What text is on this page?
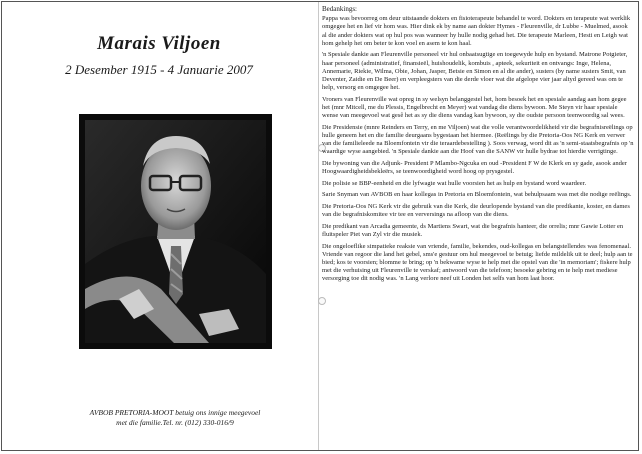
Marais Viljoen
2 Desember 1915 - 4 Januarie 2007
AVBOB PRETORIA-MOOT betuig ons innige meegevoel
met die familie.Tel. nr. (012) 330-016/9
Bedankings:

Pappa was bevoorreg om deur uitstaande dokters en fisioterapeute behandel te word. Dokters en terapeute wat werklik omgegee het en lief vir hom was. Hier dink ek by name aan dokter Hymes - Fleurenville, dr Lubbe - Muelmed, asook al die ander dokters wat op hul pos was wanneer hy hulle nodig gehad het. Die terapeute Marleen, Hesti en Leigh wat hom gehelp het om beter te kon voel en asem te kon haal.

'n Spesiale dankie aan Fleurenville personeel vir hul onbaatsugtige en toegewyde hulp en bystand. Matrone Potgieter, haar personeel (administratief, finansieël, huishoudelik, kombuis , apteek, sekuriteit en ontvangs: Inge, Helena, Annemarie, Riekie, Wilma, Obie, Johan, Jasper, Betsie en Simon en al die ander), susters (by name susters Smit, van Deventer, Zaidie en De Beer) en verpleegsters van die derde vloer wat die afgelope vier jaar altyd gereed was om te help, versorg en omgegee het.

Vroners van Fleurenville wat opreg in sy welsyn belanggestel het, hom besoek het en spesiale aandag aan hom gegee het (mnr Mitcell, me du Plessis, Engelbrecht en Meyer) wat vandag die diens bywoon. Me Steyn vir haar spesiale wense van meegevoel wat gesê het as sy die diens vandag kan bywoon, sy die oudste persoon teenwoordig sal wees.

Die Presidensie (mnre Reinders en Terry, en me Viljoen) wat die volle verantwoordelikheid vir die begrafnisreëlings op hulle geneem het en die familie deurgaans bygestaan het hiermee. (Reëlings by die Pretoria-Oos NG Kerk en verwer van die familieleede na Bloemfontein vir die teraardebestelling ). Soos verwag, word dit as 'n semi-staatsbegrafnis op 'n waardige wyse aangebied. 'n Spesiale dankie aan die Hoof van die SANW vir hulle bydrae tot hierdie verrigtinge.

Die bywoning van die Adjunk- President P Mlambo-Ngcuka en oud -President F W de Klerk en sy gade, asook ander Hoogwaardigheidsbekleërs, se teenwoordigheid word hoog op prysgestel.

Die polisie se BBP-eenheid en die lyfwagte wat hulle voorsien het as hulp en bystand word waardeer.

Sarie Snyman van AVBOB en haar kollegas in Pretoria en Bloemfontein, wat behulpsaam was met die nodige reëlings.

Die Pretoria-Oos NG Kerk vir die gebruik van die Kerk, die deurlopende bystand van die predikante, koster, en dames van die begrafniskomitee vir tee en verversings na afloop van die diens.

Die predikant van Arcadia gemeente, ds Martiens Swart, wat die begrafnis hanteer, die orrelis; mnr Gawie Lotter en fluitspeler Piet van Zyl vir die musiek.

Die ongeloeflike simpatieke reaksie van vriende, familie, bekendes, oud-kollegas en belangstellendes was fenomenaal. Vriende van regoor die land het gebel, sms'e gestuur om hul meegevoel te betuig; liefde mildelik uit te deel; hulp aan te bied; kos te voorsien; blomme te bring; op 'n bekwame wyse te help met die opstel van die 'in memoriam'; fiskere hulp met die verhuising uit Fleurenville te verskaf; antwoord van die telefoon; besoeke gebring en te help met mediese versorging toe dit nodig was. 'n Lang verlore neef uit Londen het selfs van hom laat hoor.
